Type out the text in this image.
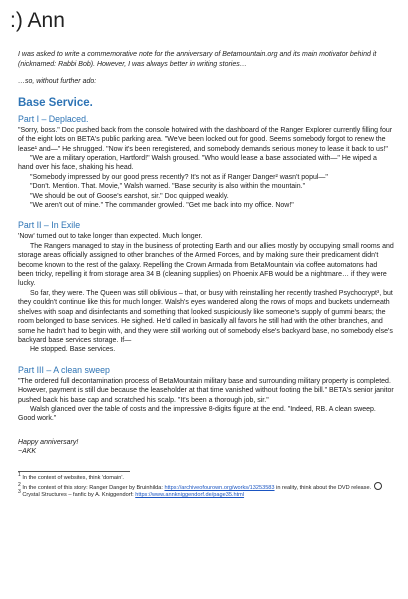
:) Ann
I was asked to write a commemorative note for the anniversary of Betamountain.org and its main motivator behind it (nicknamed: Rabbi Bob). However, I was always better in writing stories…
…so, without further ado:
Base Service.
Part I – Deplaced.

"Sorry, boss." Doc pushed back from the console hotwired with the dashboard of the Ranger Explorer currently filling four of the eight lots on BETA's public parking area. "We've been locked out for good. Seems somebody forgot to renew the lease¹ and—" He shrugged. "Now it's been reregistered, and somebody demands serious money to lease it back to us!"

"We are a military operation, Hartford!" Walsh groused. "Who would lease a base associated with—" He wiped a hand over his face, shaking his head.

"Somebody impressed by our good press recently? It's not as if Ranger Danger² wasn't popul—"

"Don't. Mention. That. Movie," Walsh warned. "Base security is also within the mountain."

"We should be out of Goose's earshot, sir." Doc quipped weakly.

"We aren't out of mine." The commander growled. "Get me back into my office. Now!"

Part II – In Exile

'Now' turned out to take longer than expected. Much longer.

The Rangers managed to stay in the business of protecting Earth and our allies mostly by occupying small rooms and storage areas officially assigned to other branches of the Armed Forces, and by making sure their predicament didn't become known to the rest of the galaxy. Repelling the Crown Armada from BetaMountain via coffee automatons had been tricky, repelling it from storage area 34 B (cleaning supplies) on Phoenix AFB would be a nightmare… if they were lucky.

So far, they were. The Queen was still oblivious – that, or busy with reinstalling her recently trashed Psychocrypt³, but they couldn't continue like this for much longer. Walsh's eyes wandered along the rows of mops and buckets underneath shelves with soap and disinfectants and something that looked suspiciously like someone's supply of gummi bears; the room belonged to base services. He sighed. He'd called in basically all favors he still had with the other branches, and some he hadn't had to begin with, and they were still working out of somebody else's backyard base, no somebody else's backyard base services storage. If—

He stopped. Base services.

Part III – A clean sweep

"The ordered full decontamination process of BetaMountain military base and surrounding military property is completed. However, payment is still due because the leaseholder at that time vanished without footing the bill." BETA's senior janitor pushed back his base cap and scratched his scalp. "It's been a thorough job, sir."

Walsh glanced over the table of costs and the impressive 8-digits figure at the end. "Indeed, RB. A clean sweep. Good work."

Happy anniversary!
~AKK

$^1$ In the context of websites, think 'domain'.

$^2$ In the context of this story: Ranger Danger by Bruinhilda: https://archiveofourown.org/works/13253583 in reality, think about the DVD release.

$^3$ Crystal Structures – fanfic by A. Kniggendorf: https://www.annkniggendorf.de/page35.html
